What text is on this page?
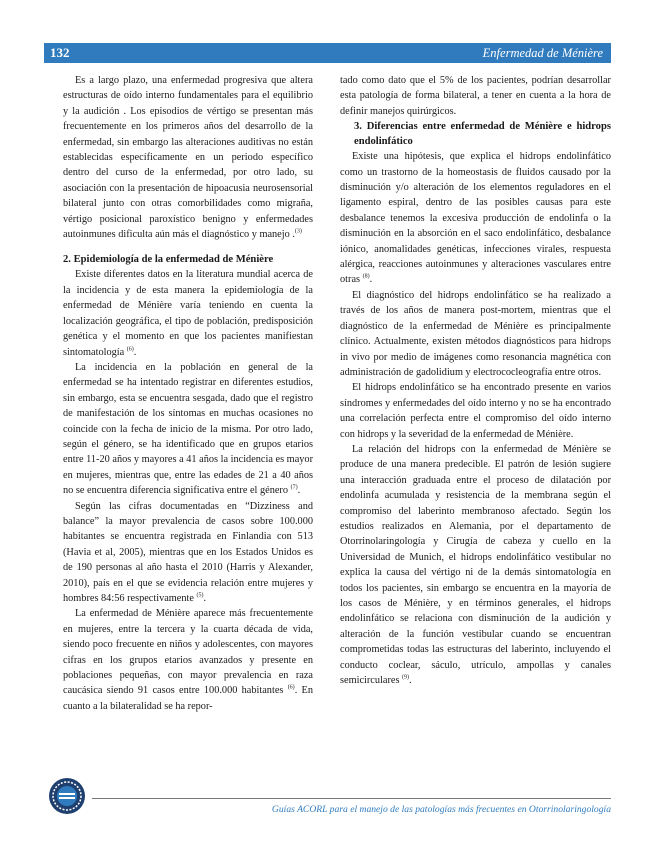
132	Enfermedad de Ménière

Es a largo plazo, una enfermedad progresiva que altera estructuras de oído interno fundamentales para el equilibrio y la audición . Los episodios de vértigo se presentan más frecuentemente en los primeros años del desarrollo de la enfermedad, sin embargo las alteraciones auditivas no están establecidas específicamente en un periodo específico dentro del curso de la enfermedad, por otro lado, su asociación con la presentación de hipoacusia neurosensorial bilateral junto con otras comorbilidades como migraña, vértigo posicional paroxístico benigno y enfermedades autoinmunes dificulta aún más el diagnóstico y manejo .$^{(3)}$

2. Epidemiología de la enfermedad de Ménière

Existe diferentes datos en la literatura mundial acerca de la incidencia y de esta manera la epidemiología de la enfermedad de Ménière varía teniendo en cuenta la localización geográfica, el tipo de población, predisposición genética y el momento en que los pacientes manifiestan sintomatología $^{(6)}$.

La incidencia en la población en general de la enfermedad se ha intentado registrar en diferentes estudios, sin embargo, esta se encuentra sesgada, dado que el registro de manifestación de los síntomas en muchas ocasiones no coincide con la fecha de inicio de la misma. Por otro lado, según el género, se ha identificado que en grupos etarios entre 11-20 años y mayores a 41 años la incidencia es mayor en mujeres, mientras que, entre las edades de 21 a 40 años no se encuentra diferencia significativa entre el género $^{(7)}$.

Según las cifras documentadas en “Dizziness and balance” la mayor prevalencia de casos sobre 100.000 habitantes se encuentra registrada en Finlandia con 513 (Havia et al, 2005), mientras que en los Estados Unidos es de 190 personas al año hasta el 2010 (Harris y Alexander, 2010), país en el que se evidencia relación entre mujeres y hombres 84:56 respectivamente $^{(5)}$.

La enfermedad de Ménière aparece más frecuentemente en mujeres, entre la tercera y la cuarta década de vida, siendo poco frecuente en niños y adolescentes, con mayores cifras en los grupos etarios avanzados y presente en poblaciones pequeñas, con mayor prevalencia en raza caucásica siendo 91 casos entre 100.000 habitantes $^{(6)}$. En cuanto a la bilateralidad se ha repor-

tado como dato que el 5% de los pacientes, podrían desarrollar esta patología de forma bilateral, a tener en cuenta a la hora de definir manejos quirúrgicos.

3. Diferencias entre enfermedad de Ménière e hidrops endolinfático

Existe una hipótesis, que explica el hidrops endolinfático como un trastorno de la homeostasis de fluidos causado por la disminución y/o alteración de los elementos reguladores en el ligamento espiral, dentro de las posibles causas para este desbalance tenemos la excesiva producción de endolinfa o la disminución en la absorción en el saco endolinfático, desbalance iónico, anomalidades genéticas, infecciones virales, respuesta alérgica, reacciones autoinmunes y alteraciones vasculares entre otras $^{(8)}$.

El diagnóstico del hidrops endolinfático se ha realizado a través de los años de manera post-mortem, mientras que el diagnóstico de la enfermedad de Ménière es principalmente clínico. Actualmente, existen métodos diagnósticos para hidrops in vivo por medio de imágenes como resonancia magnética con administración de gadolidium y electrococleografía entre otros.

El hidrops endolinfático se ha encontrado presente en varios síndromes y enfermedades del oído interno y no se ha encontrado una correlación perfecta entre el compromiso del oído interno con hidrops y la severidad de la enfermedad de Ménière.

La relación del hidrops con la enfermedad de Ménière se produce de una manera predecible. El patrón de lesión sugiere una interacción graduada entre el proceso de dilatación por endolinfa acumulada y resistencia de la membrana según el compromiso del laberinto membranoso afectado. Según los estudios realizados en Alemania, por el departamento de Otorrinolaringología y Cirugía de cabeza y cuello en la Universidad de Munich, el hidrops endolinfático vestibular no explica la causa del vértigo ni de la demás sintomatología en todos los pacientes, sin embargo se encuentra en la mayoría de los casos de Ménière, y en términos generales, el hidrops endolinfático se relaciona con disminución de la audición y alteración de la función vestibular cuando se encuentran comprometidas todas las estructuras del laberinto, incluyendo el conducto coclear, sáculo, utrículo, ampollas y canales semicirculares $^{(9)}$.

Guías ACORL para el manejo de las patologías más frecuentes en Otorrinolaringología
